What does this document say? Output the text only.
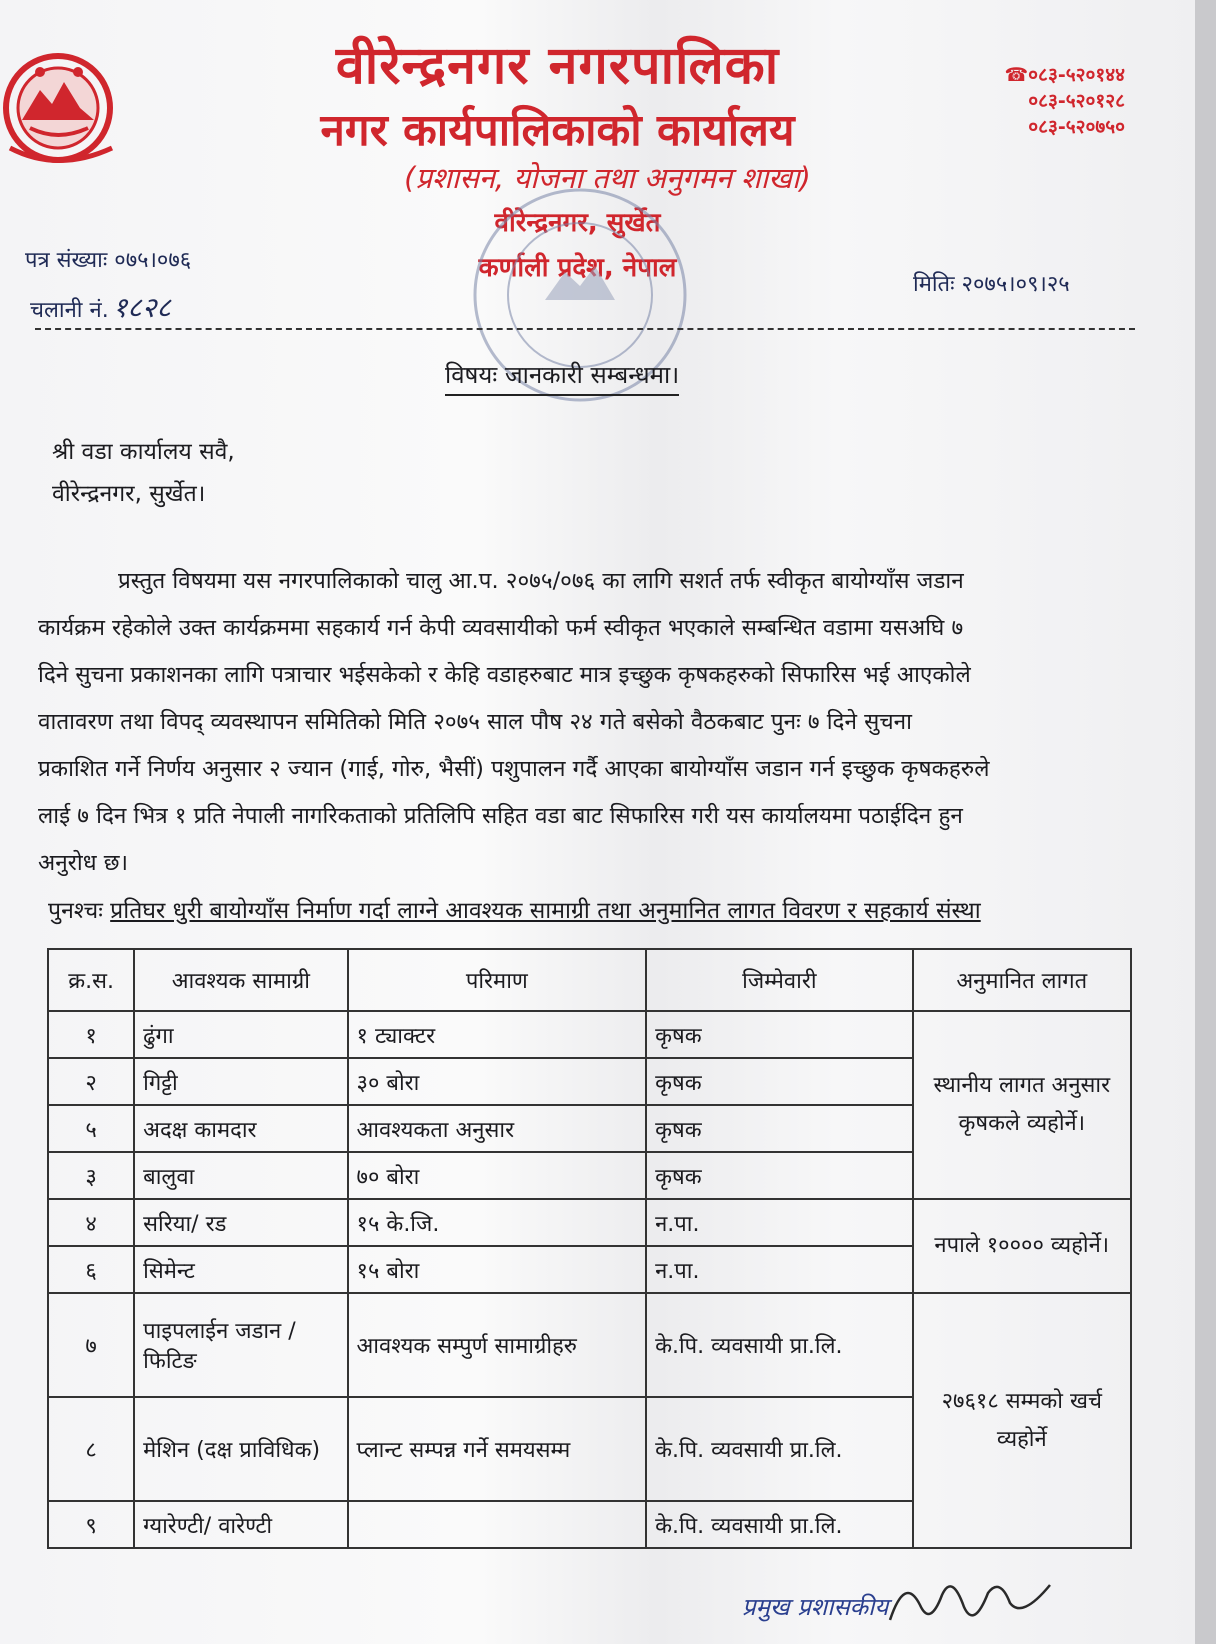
वीरेन्द्रनगर नगरपालिका
नगर कार्यपालिकाको कार्यालय
(प्रशासन, योजना तथा अनुगमन शाखा)
वीरेन्द्रनगर, सुर्खेत
कर्णाली प्रदेश, नेपाल
☎०८३-५२०१४४
०८३-५२०१२८
०८३-५२०७५०
पत्र संख्याः ०७५।०७६
चलानी नं. १८२८
मितिः २०७५।०९।२५
विषयः जानकारी सम्बन्धमा।
श्री वडा कार्यालय सवै,
वीरेन्द्रनगर, सुर्खेत।
प्रस्तुत विषयमा यस नगरपालिकाको चालु आ.प. २०७५/०७६ का लागि सशर्त तर्फ स्वीकृत बायोग्याँस जडान
कार्यक्रम रहेकोले उक्त कार्यक्रममा सहकार्य गर्न केपी व्यवसायीको फर्म स्वीकृत भएकाले सम्बन्धित वडामा यसअघि ७
दिने सुचना प्रकाशनका लागि पत्राचार भईसकेको र केहि वडाहरुबाट मात्र इच्छुक कृषकहरुको सिफारिस भई आएकोले
वातावरण तथा विपद् व्यवस्थापन समितिको मिति २०७५ साल पौष २४ गते बसेको वैठकबाट पुनः ७ दिने सुचना
प्रकाशित गर्ने निर्णय अनुसार २ ज्यान (गाई, गोरु, भैसीं) पशुपालन गर्दै आएका बायोग्याँस जडान गर्न इच्छुक कृषकहरुले
लाई ७ दिन भित्र १ प्रति नेपाली नागरिकताको प्रतिलिपि सहित वडा बाट सिफारिस गरी यस कार्यालयमा पठाईदिन हुन
अनुरोध छ।
पुनश्चः प्रतिघर धुरी बायोग्याँस निर्माण गर्दा लाग्ने आवश्यक सामाग्री तथा अनुमानित लागत विवरण र सहकार्य संस्था
क्र.स.	आवश्यक सामाग्री	परिमाण	जिम्मेवारी	अनुमानित लागत
१	ढुंगा	१ ट्याक्टर	कृषक	स्थानीय लागत अनुसार कृषकले व्यहोर्ने।
२	गिट्टी	३० बोरा	कृषक	
५	अदक्ष कामदार	आवश्यकता अनुसार	कृषक	
३	बालुवा	७० बोरा	कृषक	
४	सरिया/ रड	१५ के.जि.	न.पा.	नपाले १०००० व्यहोर्ने।
६	सिमेन्ट	१५ बोरा	न.पा.	
७	पाइपलाईन जडान / फिटिङ	आवश्यक सम्पुर्ण सामाग्रीहरु	के.पि. व्यवसायी प्रा.लि.	२७६१८ सम्मको खर्च व्यहोर्ने
८	मेशिन (दक्ष प्राविधिक)	प्लान्ट सम्पन्न गर्ने समयसम्म	के.पि. व्यवसायी प्रा.लि.	
९	ग्यारेण्टी/ वारेण्टी		के.पि. व्यवसायी प्रा.लि.	
प्रमुख प्रशासकीय
